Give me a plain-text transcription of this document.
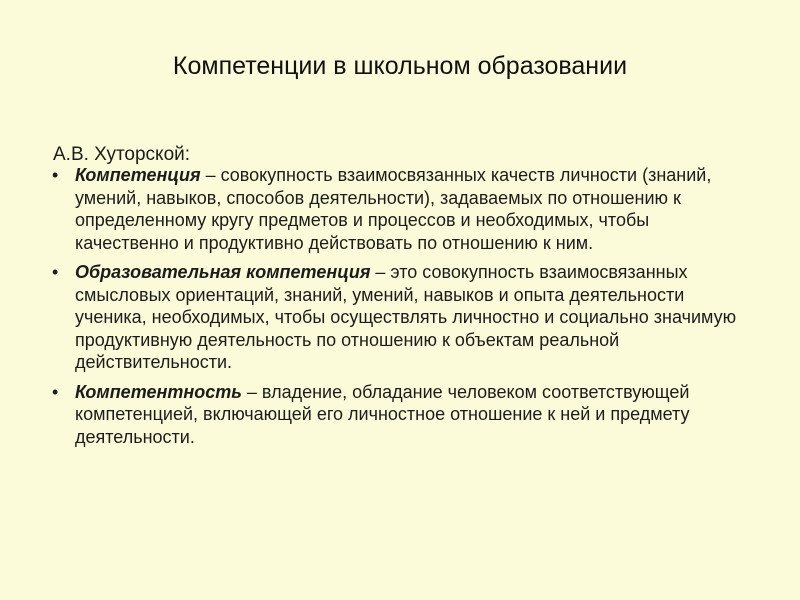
Компетенции в школьном образовании
А.В. Хуторской:
• Компетенция – совокупность взаимосвязанных качеств личности (знаний, умений, навыков, способов деятельности), задаваемых по отношению к определенному кругу предметов и процессов и необходимых, чтобы качественно и продуктивно действовать по отношению к ним.
• Образовательная компетенция – это совокупность взаимосвязанных смысловых ориентаций, знаний, умений, навыков и опыта деятельности ученика, необходимых, чтобы осуществлять личностно и социально значимую продуктивную деятельность по отношению к объектам реальной действительности.
• Компетентность – владение, обладание человеком соответствующей компетенцией, включающей его личностное отношение к ней и предмету деятельности.
